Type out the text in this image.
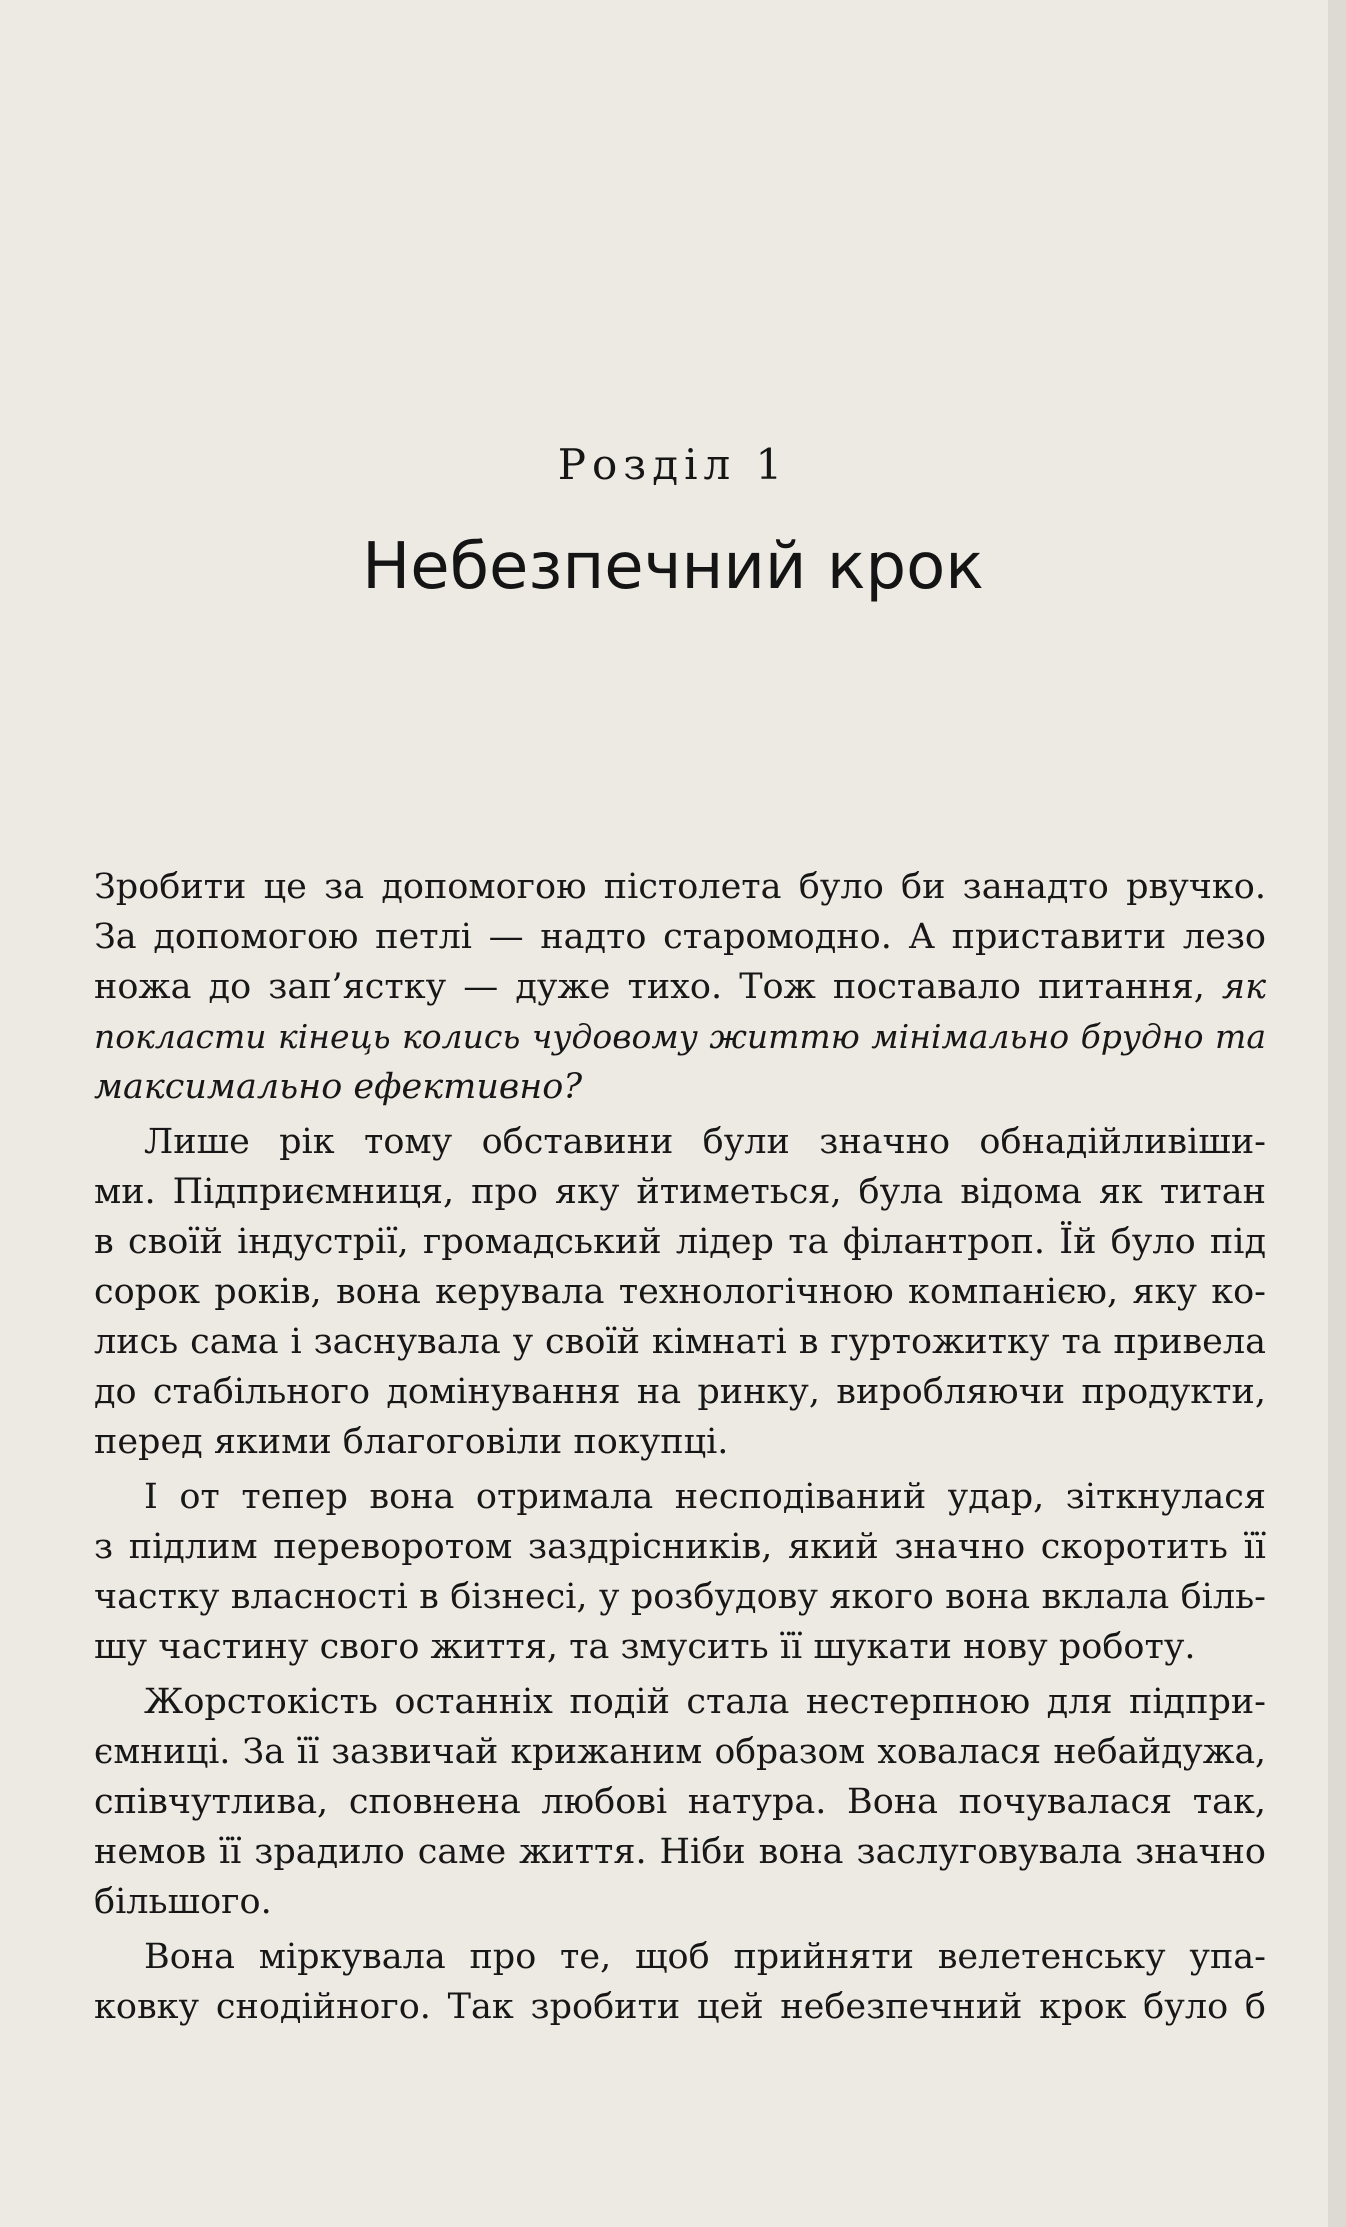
Розділ 1
Небезпечний крок
Зробити це за допомогою пістолета було би занадто рвучко.
За допомогою петлі — надто старомодно. А приставити лезо
ножа до зап’ястку — дуже тихо. Тож поставало питання, як
покласти кінець колись чудовому життю мінімально брудно та
максимально ефективно?
Лише рік тому обставини були значно обнадійливіши-
ми. Підприємниця, про яку йтиметься, була відома як титан
в своїй індустрії, громадський лідер та філантроп. Їй було під
сорок років, вона керувала технологічною компанією, яку ко-
лись сама і заснувала у своїй кімнаті в гуртожитку та привела
до стабільного домінування на ринку, виробляючи продукти,
перед якими благоговіли покупці.
І от тепер вона отримала несподіваний удар, зіткнулася
з підлим переворотом заздрісників, який значно скоротить її
частку власності в бізнесі, у розбудову якого вона вклала біль-
шу частину свого життя, та змусить її шукати нову роботу.
Жорстокість останніх подій стала нестерпною для підпри-
ємниці. За її зазвичай крижаним образом ховалася небайдужа,
співчутлива, сповнена любові натура. Вона почувалася так,
немов її зрадило саме життя. Ніби вона заслуговувала значно
більшого.
Вона міркувала про те, щоб прийняти велетенську упа-
ковку снодійного. Так зробити цей небезпечний крок було б
